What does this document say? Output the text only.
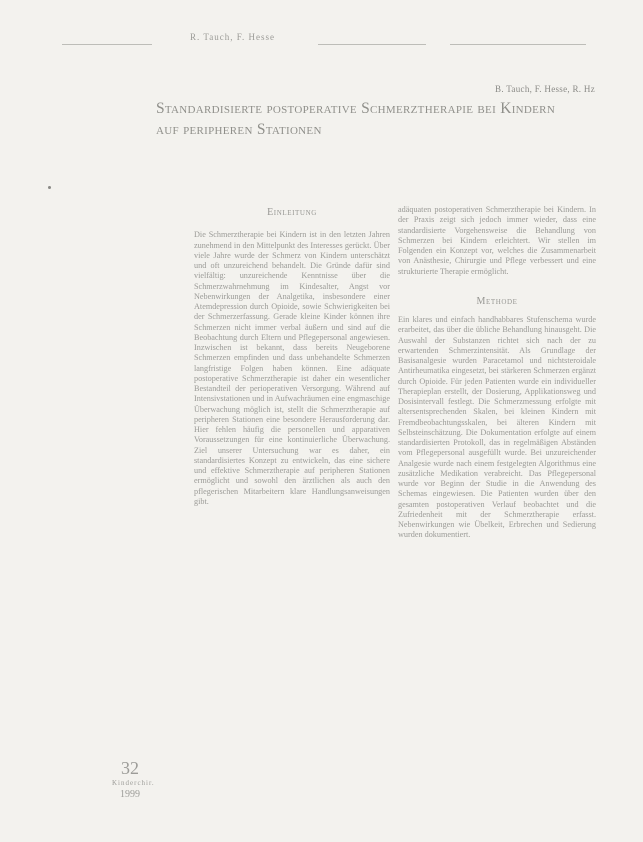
R. Tauch, F. Hesse
B. Tauch, F. Hesse, R. Hz
Standardisierte postoperative Schmerztherapie bei Kindern auf peripheren Stationen
Einleitung

Die Schmerztherapie bei Kindern ist in den letzten Jahren zunehmend in den Mittelpunkt des Interesses gerückt. Über viele Jahre wurde der Schmerz von Kindern unterschätzt und oft unzureichend behandelt. Die Gründe dafür sind vielfältig: unzureichende Kenntnisse über die Schmerzwahrnehmung im Kindesalter, Angst vor Nebenwirkungen der Analgetika, insbesondere einer Atemdepression durch Opioide, sowie Schwierigkeiten bei der Schmerzerfassung. Gerade kleine Kinder können ihre Schmerzen nicht immer verbal äußern und sind auf die Beobachtung durch Eltern und Pflegepersonal angewiesen. Inzwischen ist bekannt, dass bereits Neugeborene Schmerzen empfinden und dass unbehandelte Schmerzen langfristige Folgen haben können. Eine adäquate postoperative Schmerztherapie ist daher ein wesentlicher Bestandteil der perioperativen Versorgung. Während auf Intensivstationen und in Aufwachräumen eine engmaschige Überwachung möglich ist, stellt die Schmerztherapie auf peripheren Stationen eine besondere Herausforderung dar. Hier fehlen häufig die personellen und apparativen Voraussetzungen für eine kontinuierliche Überwachung. Ziel unserer Untersuchung war es daher, ein standardisiertes Konzept zu entwickeln, das eine sichere und effektive Schmerztherapie auf peripheren Stationen ermöglicht und sowohl den ärztlichen als auch den pflegerischen Mitarbeitern klare Handlungsanweisungen gibt.

adäquaten postoperativen Schmerztherapie bei Kindern. In der Praxis zeigt sich jedoch immer wieder, dass eine standardisierte Vorgehensweise die Behandlung von Schmerzen bei Kindern erleichtert. Wir stellen im Folgenden ein Konzept vor, welches die Zusammenarbeit von Anästhesie, Chirurgie und Pflege verbessert und eine strukturierte Therapie ermöglicht.

Methode

Ein klares und einfach handhabbares Stufenschema wurde erarbeitet, das über die übliche Behandlung hinausgeht. Die Auswahl der Substanzen richtet sich nach der zu erwartenden Schmerzintensität. Als Grundlage der Basisanalgesie wurden Paracetamol und nichtsteroidale Antirheumatika eingesetzt, bei stärkeren Schmerzen ergänzt durch Opioide. Für jeden Patienten wurde ein individueller Therapieplan erstellt, der Dosierung, Applikationsweg und Dosisintervall festlegt. Die Schmerzmessung erfolgte mit altersentsprechenden Skalen, bei kleinen Kindern mit Fremdbeobachtungsskalen, bei älteren Kindern mit Selbsteinschätzung. Die Dokumentation erfolgte auf einem standardisierten Protokoll, das in regelmäßigen Abständen vom Pflegepersonal ausgefüllt wurde. Bei unzureichender Analgesie wurde nach einem festgelegten Algorithmus eine zusätzliche Medikation verabreicht. Das Pflegepersonal wurde vor Beginn der Studie in die Anwendung des Schemas eingewiesen. Die Patienten wurden über den gesamten postoperativen Verlauf beobachtet und die Zufriedenheit mit der Schmerztherapie erfasst. Nebenwirkungen wie Übelkeit, Erbrechen und Sedierung wurden dokumentiert.

32
Kinderchir.
1999
